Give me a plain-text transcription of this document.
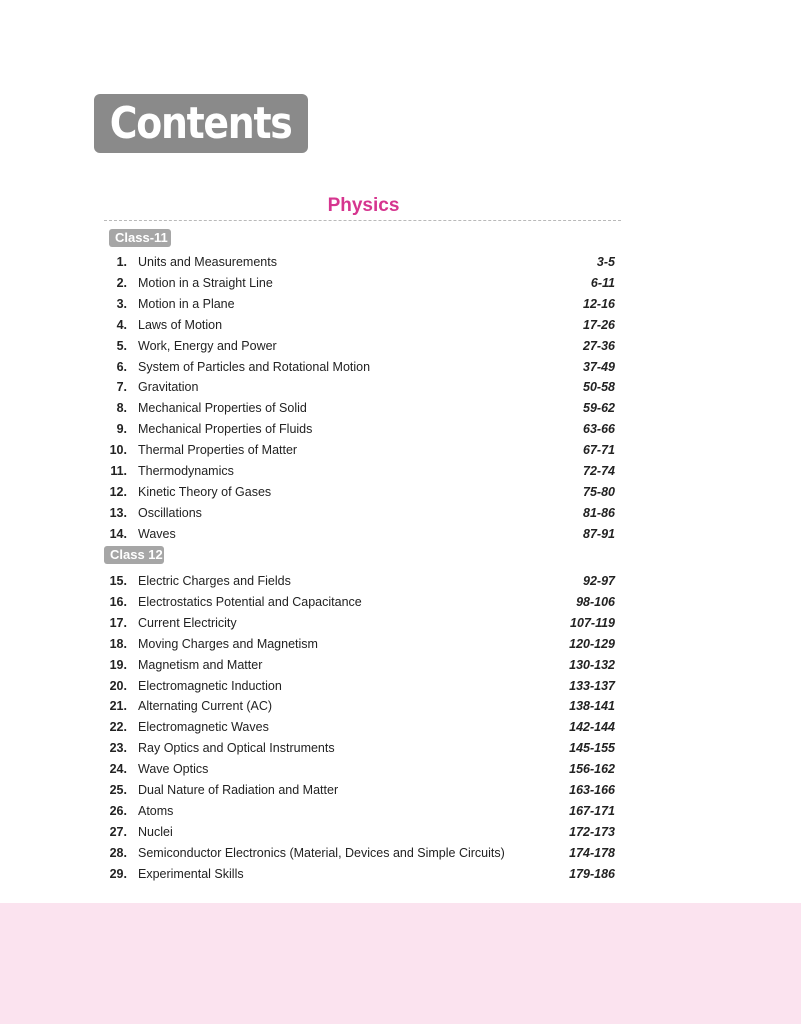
Contents
Physics
Class-11
Class 12
1. Units and Measurements	3-5
2. Motion in a Straight Line	6-11
3. Motion in a Plane	12-16
4. Laws of Motion	17-26
5. Work, Energy and Power	27-36
6. System of Particles and Rotational Motion	37-49
7. Gravitation	50-58
8. Mechanical Properties of Solid	59-62
9. Mechanical Properties of Fluids	63-66
10. Thermal Properties of Matter	67-71
11. Thermodynamics	72-74
12. Kinetic Theory of Gases	75-80
13. Oscillations	81-86
14. Waves	87-91
15. Electric Charges and Fields	92-97
16. Electrostatics Potential and Capacitance	98-106
17. Current Electricity	107-119
18. Moving Charges and Magnetism	120-129
19. Magnetism and Matter	130-132
20. Electromagnetic Induction	133-137
21. Alternating Current (AC)	138-141
22. Electromagnetic Waves	142-144
23. Ray Optics and Optical Instruments	145-155
24. Wave Optics	156-162
25. Dual Nature of Radiation and Matter	163-166
26. Atoms	167-171
27. Nuclei	172-173
28. Semiconductor Electronics (Material, Devices and Simple Circuits)	174-178
29. Experimental Skills	179-186
